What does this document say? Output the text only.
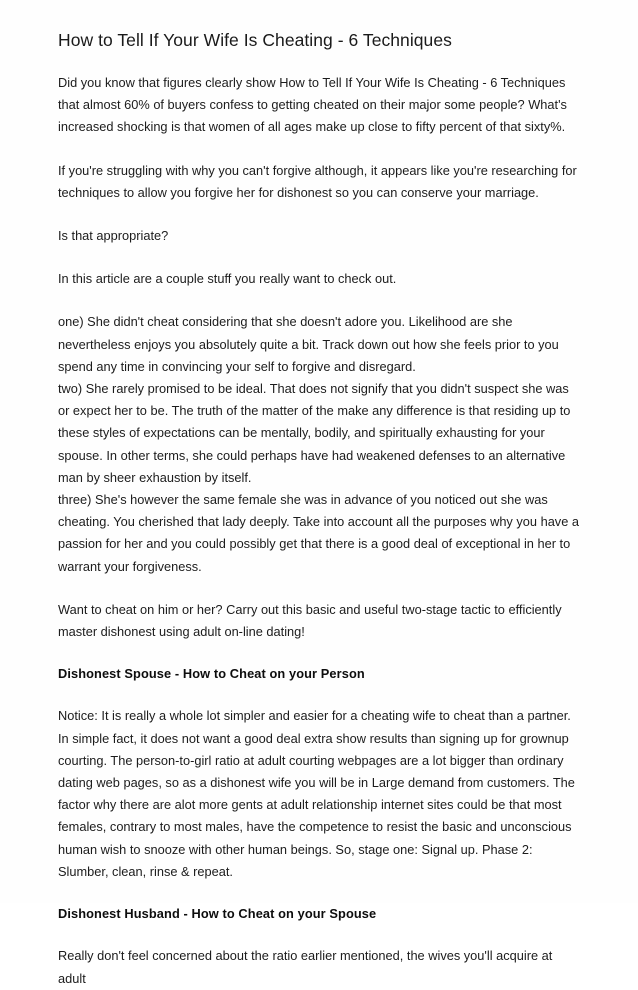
How to Tell If Your Wife Is Cheating - 6 Techniques

Did you know that figures clearly show How to Tell If Your Wife Is Cheating - 6 Techniques that almost 60% of buyers confess to getting cheated on their major some people? What's increased shocking is that women of all ages make up close to fifty percent of that sixty%.

If you're struggling with why you can't forgive although, it appears like you're researching for techniques to allow you forgive her for dishonest so you can conserve your marriage.

Is that appropriate?

In this article are a couple stuff you really want to check out.

one) She didn't cheat considering that she doesn't adore you. Likelihood are she nevertheless enjoys you absolutely quite a bit. Track down out how she feels prior to you spend any time in convincing your self to forgive and disregard.

two) She rarely promised to be ideal. That does not signify that you didn't suspect she was or expect her to be. The truth of the matter of the make any difference is that residing up to these styles of expectations can be mentally, bodily, and spiritually exhausting for your spouse. In other terms, she could perhaps have had weakened defenses to an alternative man by sheer exhaustion by itself.

three) She's however the same female she was in advance of you noticed out she was cheating. You cherished that lady deeply. Take into account all the purposes why you have a passion for her and you could possibly get that there is a good deal of exceptional in her to warrant your forgiveness.

Want to cheat on him or her? Carry out this basic and useful two-stage tactic to efficiently master dishonest using adult on-line dating!

Dishonest Spouse - How to Cheat on your Person

Notice: It is really a whole lot simpler and easier for a cheating wife to cheat than a partner. In simple fact, it does not want a good deal extra show results than signing up for grownup courting. The person-to-girl ratio at adult courting webpages are a lot bigger than ordinary dating web pages, so as a dishonest wife you will be in Large demand from customers. The factor why there are alot more gents at adult relationship internet sites could be that most females, contrary to most males, have the competence to resist the basic and unconscious human wish to snooze with other human beings. So, stage one: Signal up. Phase 2: Slumber, clean, rinse & repeat.

Dishonest Husband - How to Cheat on your Spouse

Really don't feel concerned about the ratio earlier mentioned, the wives you'll acquire at adult
